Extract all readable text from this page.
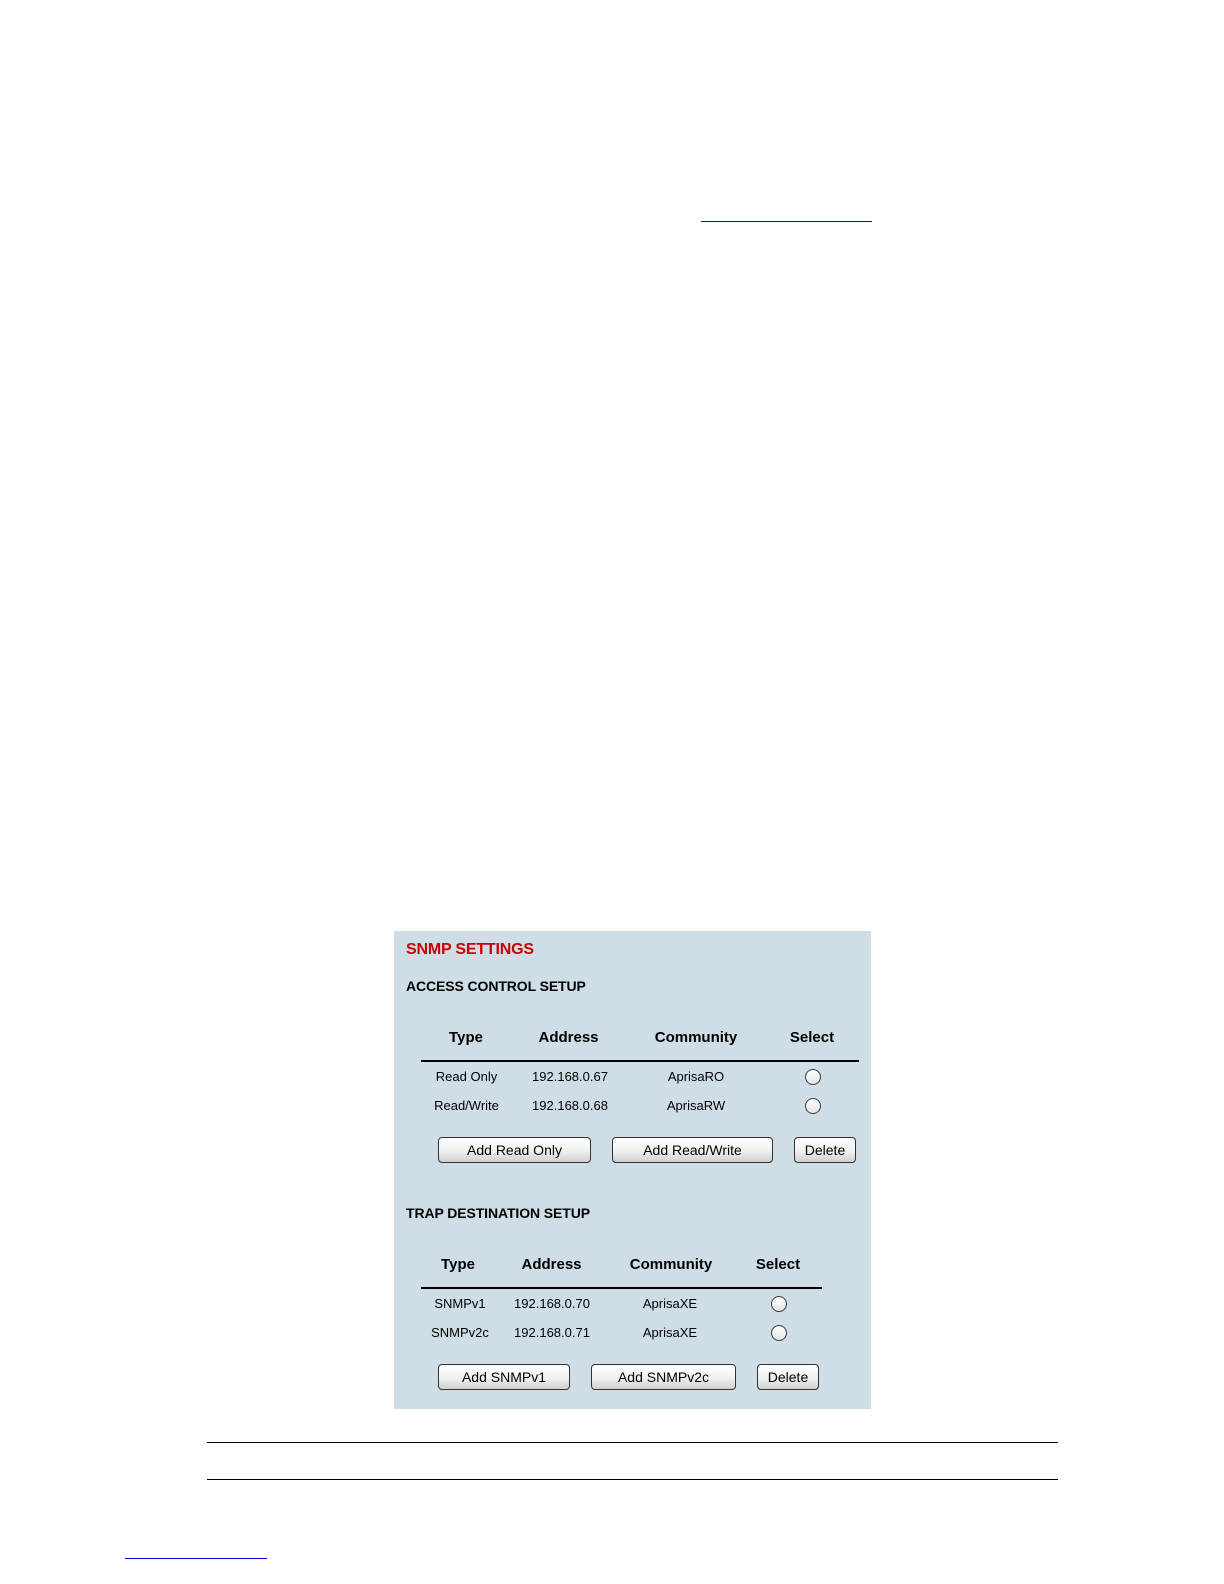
SNMP SETTINGS
ACCESS CONTROL SETUP
Type	Address	Community	Select
Read Only	192.168.0.67	AprisaRO
Read/Write	192.168.0.68	AprisaRW
Add Read Only	Add Read/Write	Delete
TRAP DESTINATION SETUP
Type	Address	Community	Select
SNMPv1	192.168.0.70	AprisaXE
SNMPv2c	192.168.0.71	AprisaXE
Add SNMPv1	Add SNMPv2c	Delete
